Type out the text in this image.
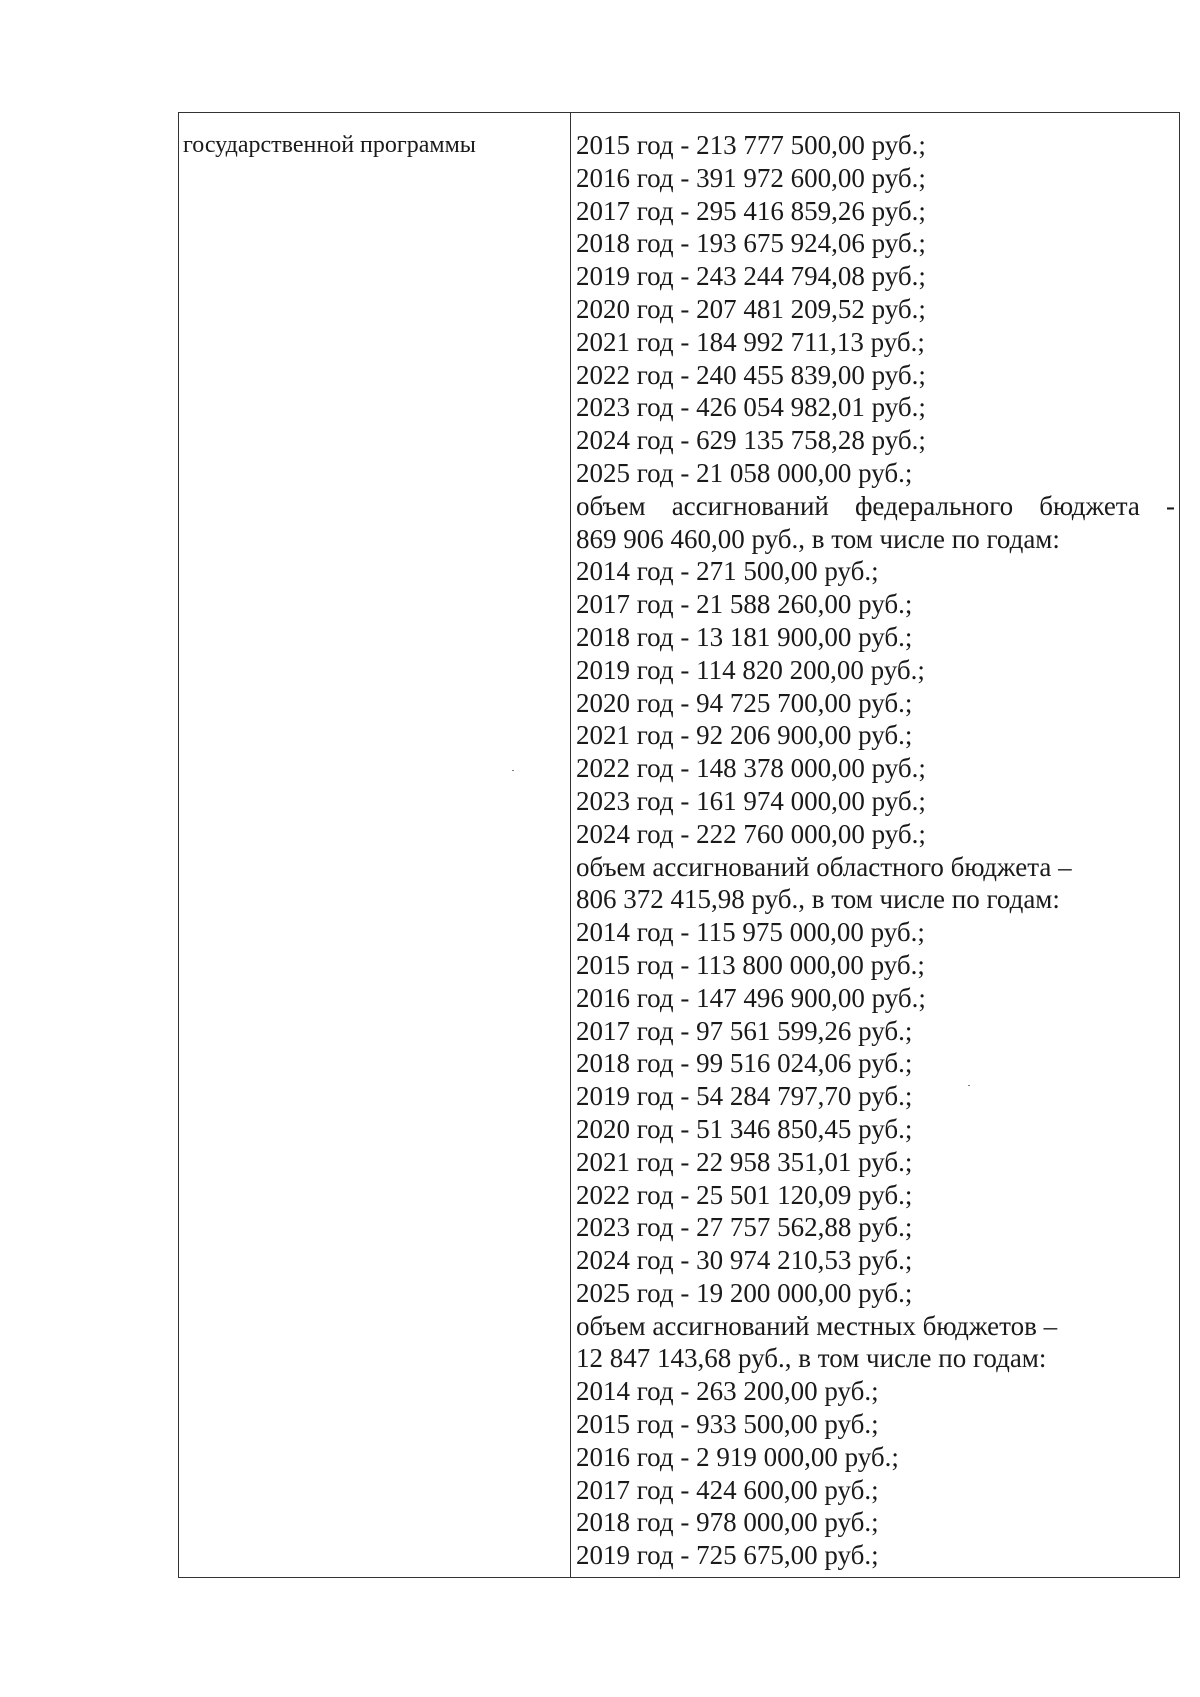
государственной программы	2015 год - 213 777 500,00 руб.;
2016 год - 391 972 600,00 руб.;
2017 год - 295 416 859,26 руб.;
2018 год - 193 675 924,06 руб.;
2019 год - 243 244 794,08 руб.;
2020 год - 207 481 209,52 руб.;
2021 год - 184 992 711,13 руб.;
2022 год - 240 455 839,00 руб.;
2023 год - 426 054 982,01 руб.;
2024 год - 629 135 758,28 руб.;
2025 год - 21 058 000,00 руб.;
объем ассигнований федерального бюджета -
869 906 460,00 руб., в том числе по годам:
2014 год - 271 500,00 руб.;
2017 год - 21 588 260,00 руб.;
2018 год - 13 181 900,00 руб.;
2019 год - 114 820 200,00 руб.;
2020 год - 94 725 700,00 руб.;
2021 год - 92 206 900,00 руб.;
2022 год - 148 378 000,00 руб.;
2023 год - 161 974 000,00 руб.;
2024 год - 222 760 000,00 руб.;
объем ассигнований областного бюджета –
806 372 415,98 руб., в том числе по годам:
2014 год - 115 975 000,00 руб.;
2015 год - 113 800 000,00 руб.;
2016 год - 147 496 900,00 руб.;
2017 год - 97 561 599,26 руб.;
2018 год - 99 516 024,06 руб.;
2019 год - 54 284 797,70 руб.;
2020 год - 51 346 850,45 руб.;
2021 год - 22 958 351,01 руб.;
2022 год - 25 501 120,09 руб.;
2023 год - 27 757 562,88 руб.;
2024 год - 30 974 210,53 руб.;
2025 год - 19 200 000,00 руб.;
объем ассигнований местных бюджетов –
12 847 143,68 руб., в том числе по годам:
2014 год - 263 200,00 руб.;
2015 год - 933 500,00 руб.;
2016 год - 2 919 000,00 руб.;
2017 год - 424 600,00 руб.;
2018 год - 978 000,00 руб.;
2019 год - 725 675,00 руб.;
